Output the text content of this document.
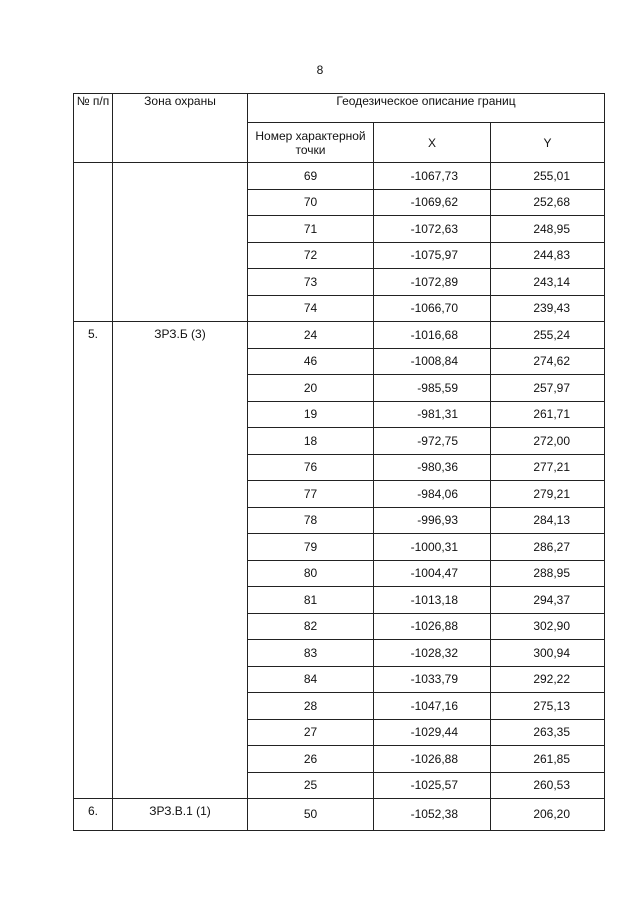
8
№ п/п	Зона охраны	Геодезическое описание границ		
		Номер характерной точки	X	Y
		69	-1067,73	255,01
		70	-1069,62	252,68
		71	-1072,63	248,95
		72	-1075,97	244,83
		73	-1072,89	243,14
		74	-1066,70	239,43
5.	ЗРЗ.Б (3)	24	-1016,68	255,24
		46	-1008,84	274,62
		20	-985,59	257,97
		19	-981,31	261,71
		18	-972,75	272,00
		76	-980,36	277,21
		77	-984,06	279,21
		78	-996,93	284,13
		79	-1000,31	286,27
		80	-1004,47	288,95
		81	-1013,18	294,37
		82	-1026,88	302,90
		83	-1028,32	300,94
		84	-1033,79	292,22
		28	-1047,16	275,13
		27	-1029,44	263,35
		26	-1026,88	261,85
		25	-1025,57	260,53
6.	ЗРЗ.В.1 (1)	50	-1052,38	206,20
